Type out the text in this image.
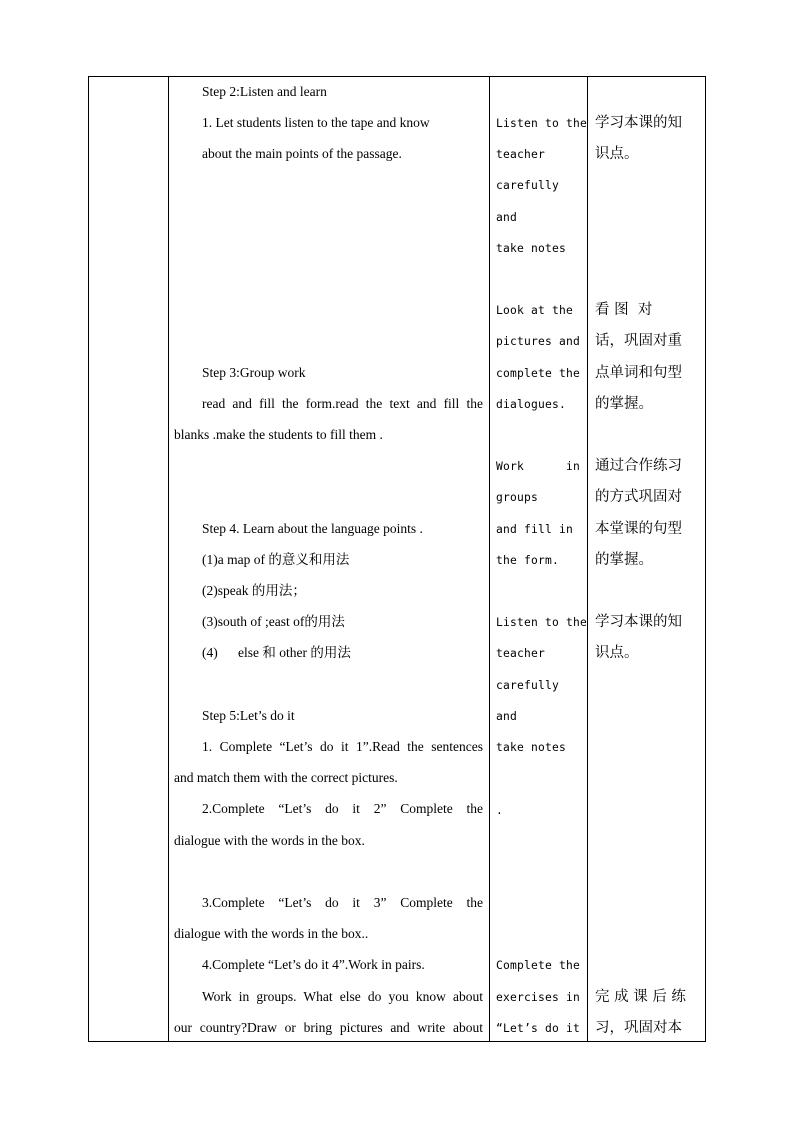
Step 2:Listen and learn
1. Let students listen to the tape and know
about the main points of the passage.
Step 3:Group work
read and fill the form.read the text and fill the
blanks .make the students to fill them .
Step 4. Learn about the language points .
(1)a map of 的意义和用法
(2)speak 的用法；
(3)south of ;east of的用法
(4)      else 和 other 的用法
Step 5:Let’s do it
1. Complete “Let’s do it 1”.Read the sentences
and match them with the correct pictures.
2.Complete “Let’s do it 2” Complete the
dialogue with the words in the box.
3.Complete “Let’s do it 3” Complete the
dialogue with the words in the box..
4.Complete “Let’s do it 4”.Work in pairs.
Work in groups. What else do you know about
our country?Draw or bring pictures and write about
Listen to the
teacher
carefully
and
take notes
Look at the
pictures and
complete the
dialogues.
Work      in
groups
and fill in
the form.
Listen to the
teacher
carefully
and
take notes
.
Complete the
exercises in
“Let’s do it
学习本课的知
识点。
看 图  对
话，巩固对重
点单词和句型
的掌握。
通过合作练习
的方式巩固对
本堂课的句型
的掌握。
学习本课的知
识点。
完 成 课 后 练
习，巩固对本
